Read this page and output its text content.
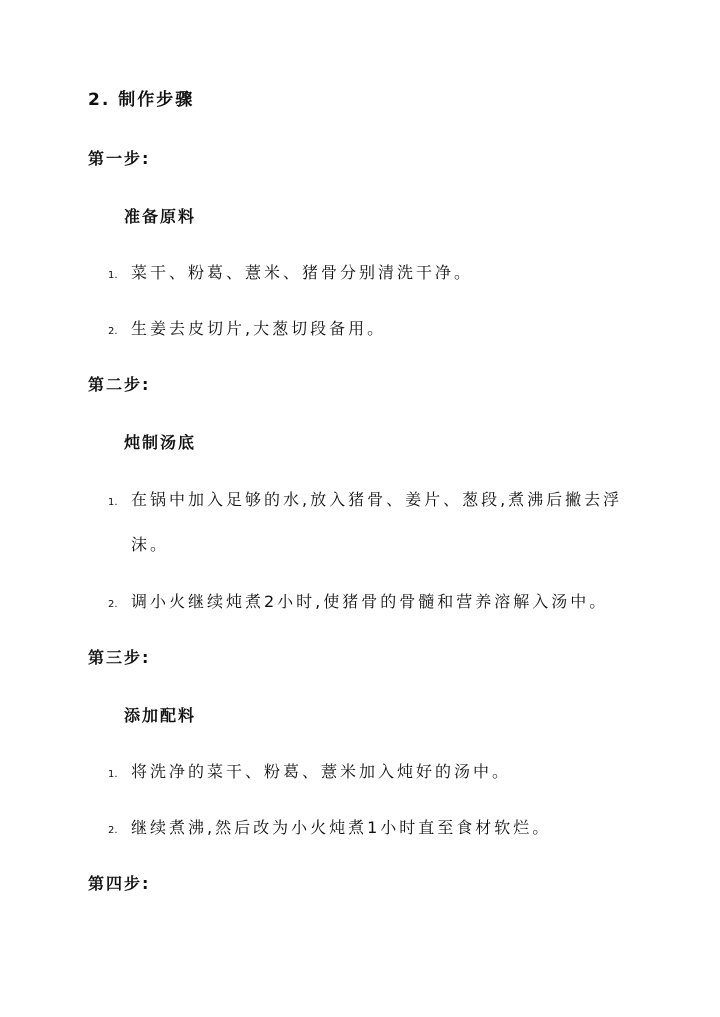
2. 制作步骤
第一步:
准备原料
1. 菜干、粉葛、薏米、猪骨分别清洗干净。
2. 生姜去皮切片,大葱切段备用。
第二步:
炖制汤底
1. 在锅中加入足够的水,放入猪骨、姜片、葱段,煮沸后撇去浮沫。
2. 调小火继续炖煮2小时,使猪骨的骨髓和营养溶解入汤中。
第三步:
添加配料
1. 将洗净的菜干、粉葛、薏米加入炖好的汤中。
2. 继续煮沸,然后改为小火炖煮1小时直至食材软烂。
第四步:
